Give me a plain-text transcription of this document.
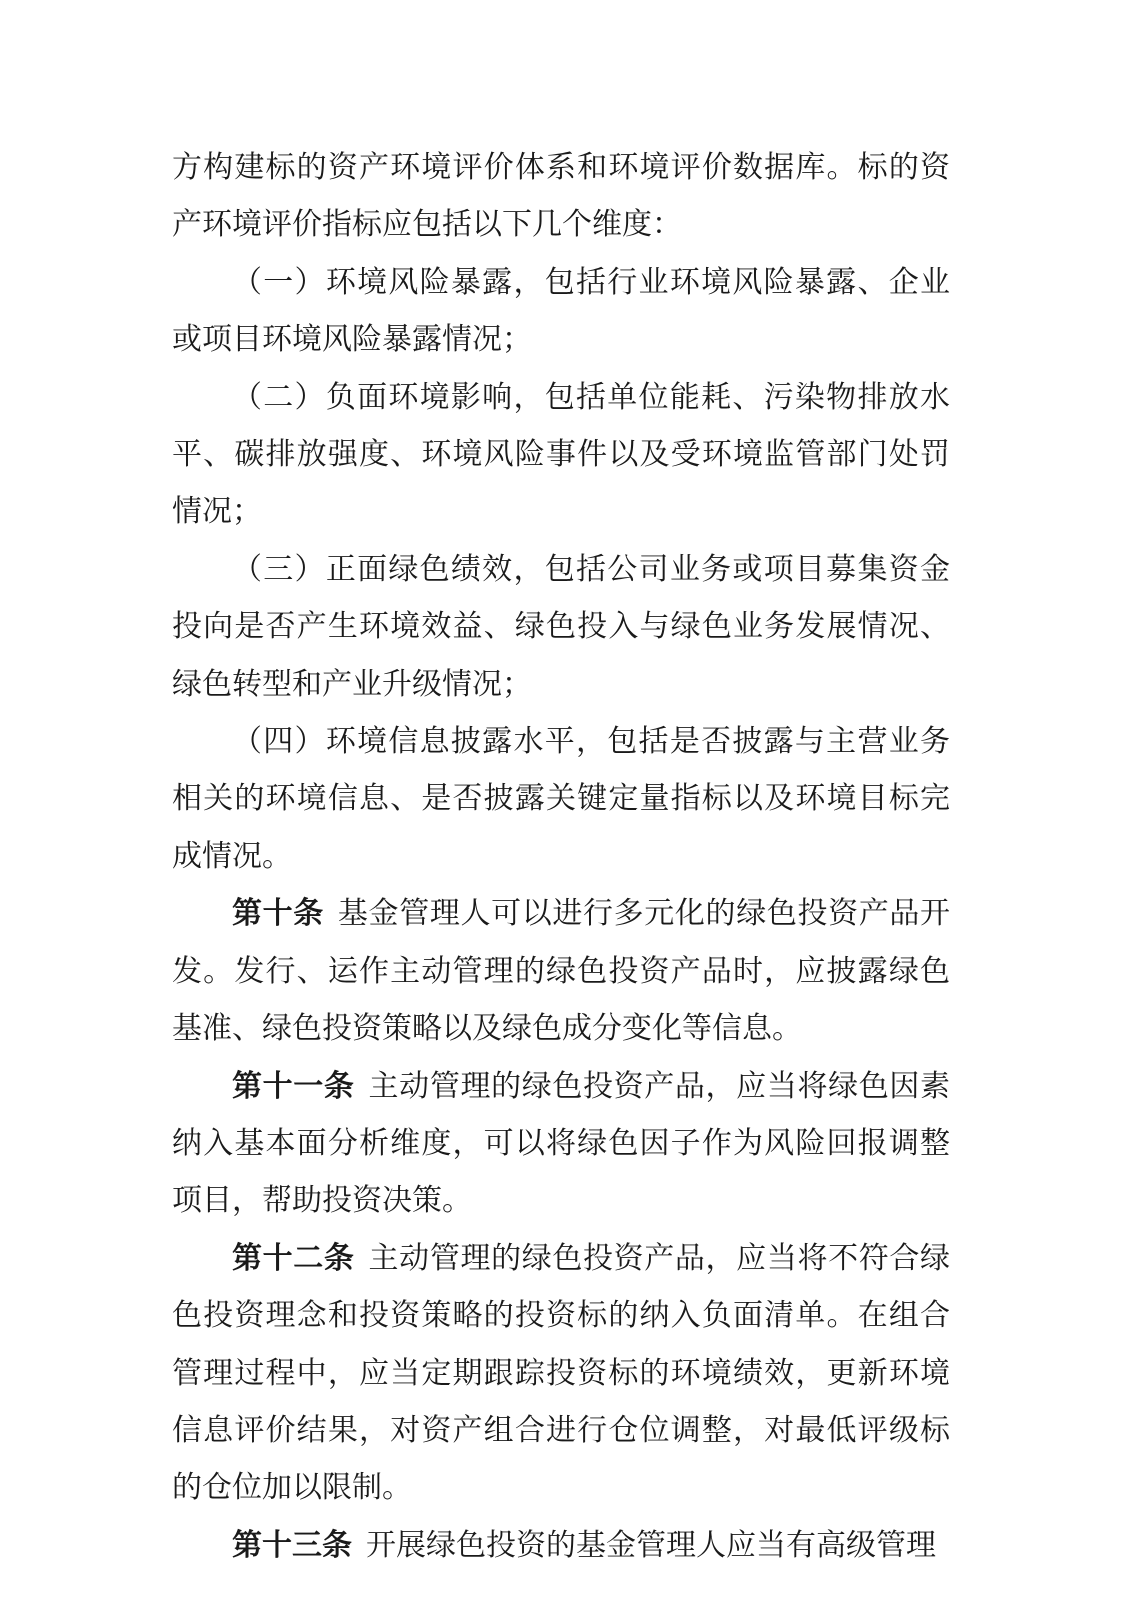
方构建标的资产环境评价体系和环境评价数据库。标的资产环境评价指标应包括以下几个维度：

（一）环境风险暴露，包括行业环境风险暴露、企业或项目环境风险暴露情况；

（二）负面环境影响，包括单位能耗、污染物排放水平、碳排放强度、环境风险事件以及受环境监管部门处罚情况；

（三）正面绿色绩效，包括公司业务或项目募集资金投向是否产生环境效益、绿色投入与绿色业务发展情况、绿色转型和产业升级情况；

（四）环境信息披露水平，包括是否披露与主营业务相关的环境信息、是否披露关键定量指标以及环境目标完成情况。

第十条 基金管理人可以进行多元化的绿色投资产品开发。发行、运作主动管理的绿色投资产品时，应披露绿色基准、绿色投资策略以及绿色成分变化等信息。

第十一条 主动管理的绿色投资产品，应当将绿色因素纳入基本面分析维度，可以将绿色因子作为风险回报调整项目，帮助投资决策。

第十二条 主动管理的绿色投资产品，应当将不符合绿色投资理念和投资策略的投资标的纳入负面清单。在组合管理过程中，应当定期跟踪投资标的环境绩效，更新环境信息评价结果，对资产组合进行仓位调整，对最低评级标的仓位加以限制。

第十三条 开展绿色投资的基金管理人应当有高级管理
